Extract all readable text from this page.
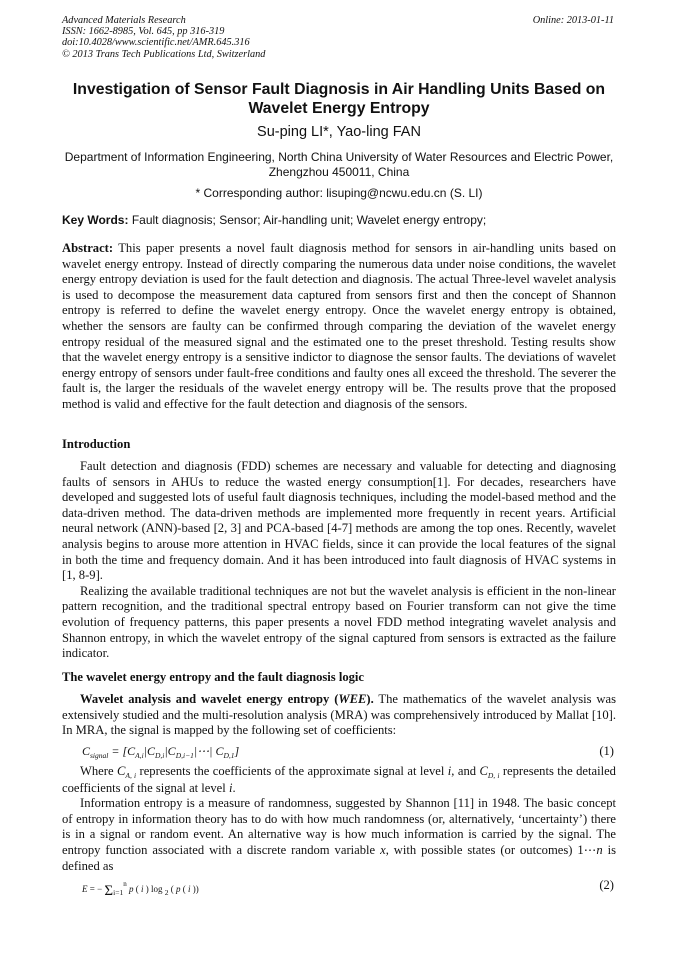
Advanced Materials Research
ISSN: 1662-8985, Vol. 645, pp 316-319
doi:10.4028/www.scientific.net/AMR.645.316
© 2013 Trans Tech Publications Ltd, Switzerland
Online: 2013-01-11
Investigation of Sensor Fault Diagnosis in Air Handling Units Based on Wavelet Energy Entropy
Su-ping LI*, Yao-ling FAN
Department of Information Engineering, North China University of Water Resources and Electric Power, Zhengzhou 450011, China
* Corresponding author: lisuping@ncwu.edu.cn (S. LI)
Key Words: Fault diagnosis; Sensor; Air-handling unit; Wavelet energy entropy;
Abstract: This paper presents a novel fault diagnosis method for sensors in air-handling units based on wavelet energy entropy. Instead of directly comparing the numerous data under noise conditions, the wavelet energy entropy deviation is used for the fault detection and diagnosis. The actual Three-level wavelet analysis is used to decompose the measurement data captured from sensors first and then the concept of Shannon entropy is referred to define the wavelet energy entropy. Once the wavelet energy entropy is obtained, whether the sensors are faulty can be confirmed through comparing the deviation of the wavelet energy entropy residual of the measured signal and the estimated one to the preset threshold. Testing results show that the wavelet energy entropy is a sensitive indictor to diagnose the sensor faults. The deviations of wavelet energy entropy of sensors under fault-free conditions and faulty ones all exceed the threshold. The severer the fault is, the larger the residuals of the wavelet energy entropy will be. The results prove that the proposed method is valid and effective for the fault detection and diagnosis of the sensors.
Introduction

Fault detection and diagnosis (FDD) schemes are necessary and valuable for detecting and diagnosing faults of sensors in AHUs to reduce the wasted energy consumption[1]. For decades, researchers have developed and suggested lots of useful fault diagnosis techniques, including the model-based method and the data-driven method. The data-driven methods are implemented more frequently in recent years. Artificial neural network (ANN)-based [2, 3] and PCA-based [4-7] methods are among the top ones. Recently, wavelet analysis begins to arouse more attention in HVAC fields, since it can provide the local features of the signal in both the time and frequency domain. And it has been introduced into fault diagnosis of HVAC systems in [1, 8-9].

Realizing the available traditional techniques are not but the wavelet analysis is efficient in the non-linear pattern recognition, and the traditional spectral entropy based on Fourier transform can not give the time evolution of frequency patterns, this paper presents a novel FDD method integrating wavelet analysis and Shannon entropy, in which the wavelet entropy of the signal captured from sensors is extracted as the failure indicator.

The wavelet energy entropy and the fault diagnosis logic

Wavelet analysis and wavelet energy entropy (WEE). The mathematics of the wavelet analysis was extensively studied and the multi-resolution analysis (MRA) was comprehensively introduced by Mallat [10]. In MRA, the signal is mapped by the following set of coefficients:

$C_{signal}$ = [$C_{A,i}|C_{D,i}|C_{D,i-1}|\cdots|$ $C_{D,1}$]	(1)

Where $C_{A, i}$ represents the coefficients of the approximate signal at level i, and $C_{D, i}$ represents the detailed coefficients of the signal at level i.

Information entropy is a measure of randomness, suggested by Shannon [11] in 1948. The basic concept of entropy in information theory has to do with how much randomness (or, alternatively, ‘uncertainty’) there is in a signal or random event. An alternative way is how much information is carried by the signal. The entropy function associated with a discrete random variable x, with possible states (or outcomes) 1⋯n is defined as

E = − $\Sigma_{i=1}^n$ p ( i ) log $_2$ ( p ( i ))	(2)
